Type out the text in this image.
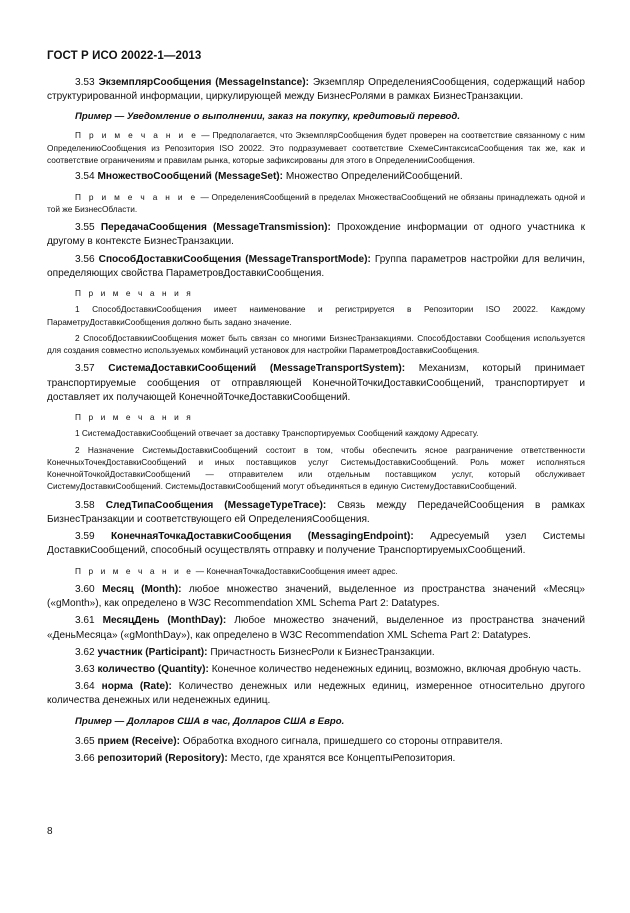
ГОСТ Р ИСО 20022-1—2013

3.53 ЭкземплярСообщения (MessageInstance): Экземпляр ОпределенияСообщения, содержащий набор структурированной информации, циркулирующей между БизнесРолями в рамках БизнесТранзакции.

Пример — Уведомление о выполнении, заказ на покупку, кредитовый перевод.

П р и м е ч а н и е — Предполагается, что ЭкземплярСообщения будет проверен на соответствие связанному с ним ОпределениюСообщения из Репозитория ISO 20022. Это подразумевает соответствие СхемеСинтаксисаСообщения так же, как и соответствие ограничениям и правилам рынка, которые зафиксированы для этого в ОпределенииСообщения.

3.54 МножествоСообщений (MessageSet): Множество ОпределенийСообщений.

П р и м е ч а н и е — ОпределенияСообщений в пределах МножестваСообщений не обязаны принадлежать одной и той же БизнесОбласти.

3.55 ПередачаСообщения (MessageTransmission): Прохождение информации от одного участника к другому в контексте БизнесТранзакции.

3.56 СпособДоставкиСообщения (MessageTransportMode): Группа параметров настройки для величин, определяющих свойства ПараметровДоставкиСообщения.

П р и м е ч а н и я

1 СпособДоставкиСообщения имеет наименование и регистрируется в Репозитории ISO 20022. Каждому ПараметруДоставкиСообщения должно быть задано значение.

2 СпособДоставкииСообщения может быть связан со многими БизнесТранзакциями. СпособДоставки Сообщения используется для создания совместно используемых комбинаций установок для настройки ПараметровДоставкиСообщения.

3.57 СистемаДоставкиСообщений (MessageTransportSystem): Механизм, который принимает транспортируемые сообщения от отправляющей КонечнойТочкиДоставкиСообщений, транспортирует и доставляет их получающей КонечнойТочкеДоставкиСообщений.

П р и м е ч а н и я

1 СистемаДоставкиСообщений отвечает за доставку Транспортируемых Сообщений каждому Адресату.

2 Назначение СистемыДоставкиСообщений состоит в том, чтобы обеспечить ясное разграничение ответственности КонечныхТочекДоставкиСообщений и иных поставщиков услуг СистемыДоставкиСообщений. Роль может исполняться КонечнойТочкойДоставкиСообщений — отправителем или отдельным поставщиком услуг, который обслуживает СистемуДоставкиСообщений. СистемыДоставкиСообщений могут объединяться в единую СистемуДоставкиСообщений.

3.58 СледТипаСообщения (MessageTypeTrace): Связь между ПередачейСообщения в рамках БизнесТранзакции и соответствующего ей ОпределенияСообщения.

3.59 КонечнаяТочкаДоставкиСообщения (MessagingEndpoint): Адресуемый узел Системы ДоставкиСообщений, способный осуществлять отправку и получение ТранспортируемыхСообщений.

П р и м е ч а н и е — КонечнаяТочкаДоставкиСообщения имеет адрес.

3.60 Месяц (Month): любое множество значений, выделенное из пространства значений «Месяц» («gMonth»), как определено в W3C Recommendation XML Schema Part 2: Datatypes.

3.61 МесяцДень (MonthDay): Любое множество значений, выделенное из пространства значений «ДеньМесяца» («gMonthDay»), как определено в W3C Recommendation XML Schema Part 2: Datatypes.

3.62 участник (Participant): Причастность БизнесРоли к БизнесТранзакции.

3.63 количество (Quantity): Конечное количество неденежных единиц, возможно, включая дробную часть.

3.64 норма (Rate): Количество денежных или недежных единиц, измеренное относительно другого количества денежных или неденежных единиц.

Пример — Долларов США в час, Долларов США в Евро.

3.65 прием (Receive): Обработка входного сигнала, пришедшего со стороны отправителя.

3.66 репозиторий (Repository): Место, где хранятся все КонцептыРепозитория.

8
